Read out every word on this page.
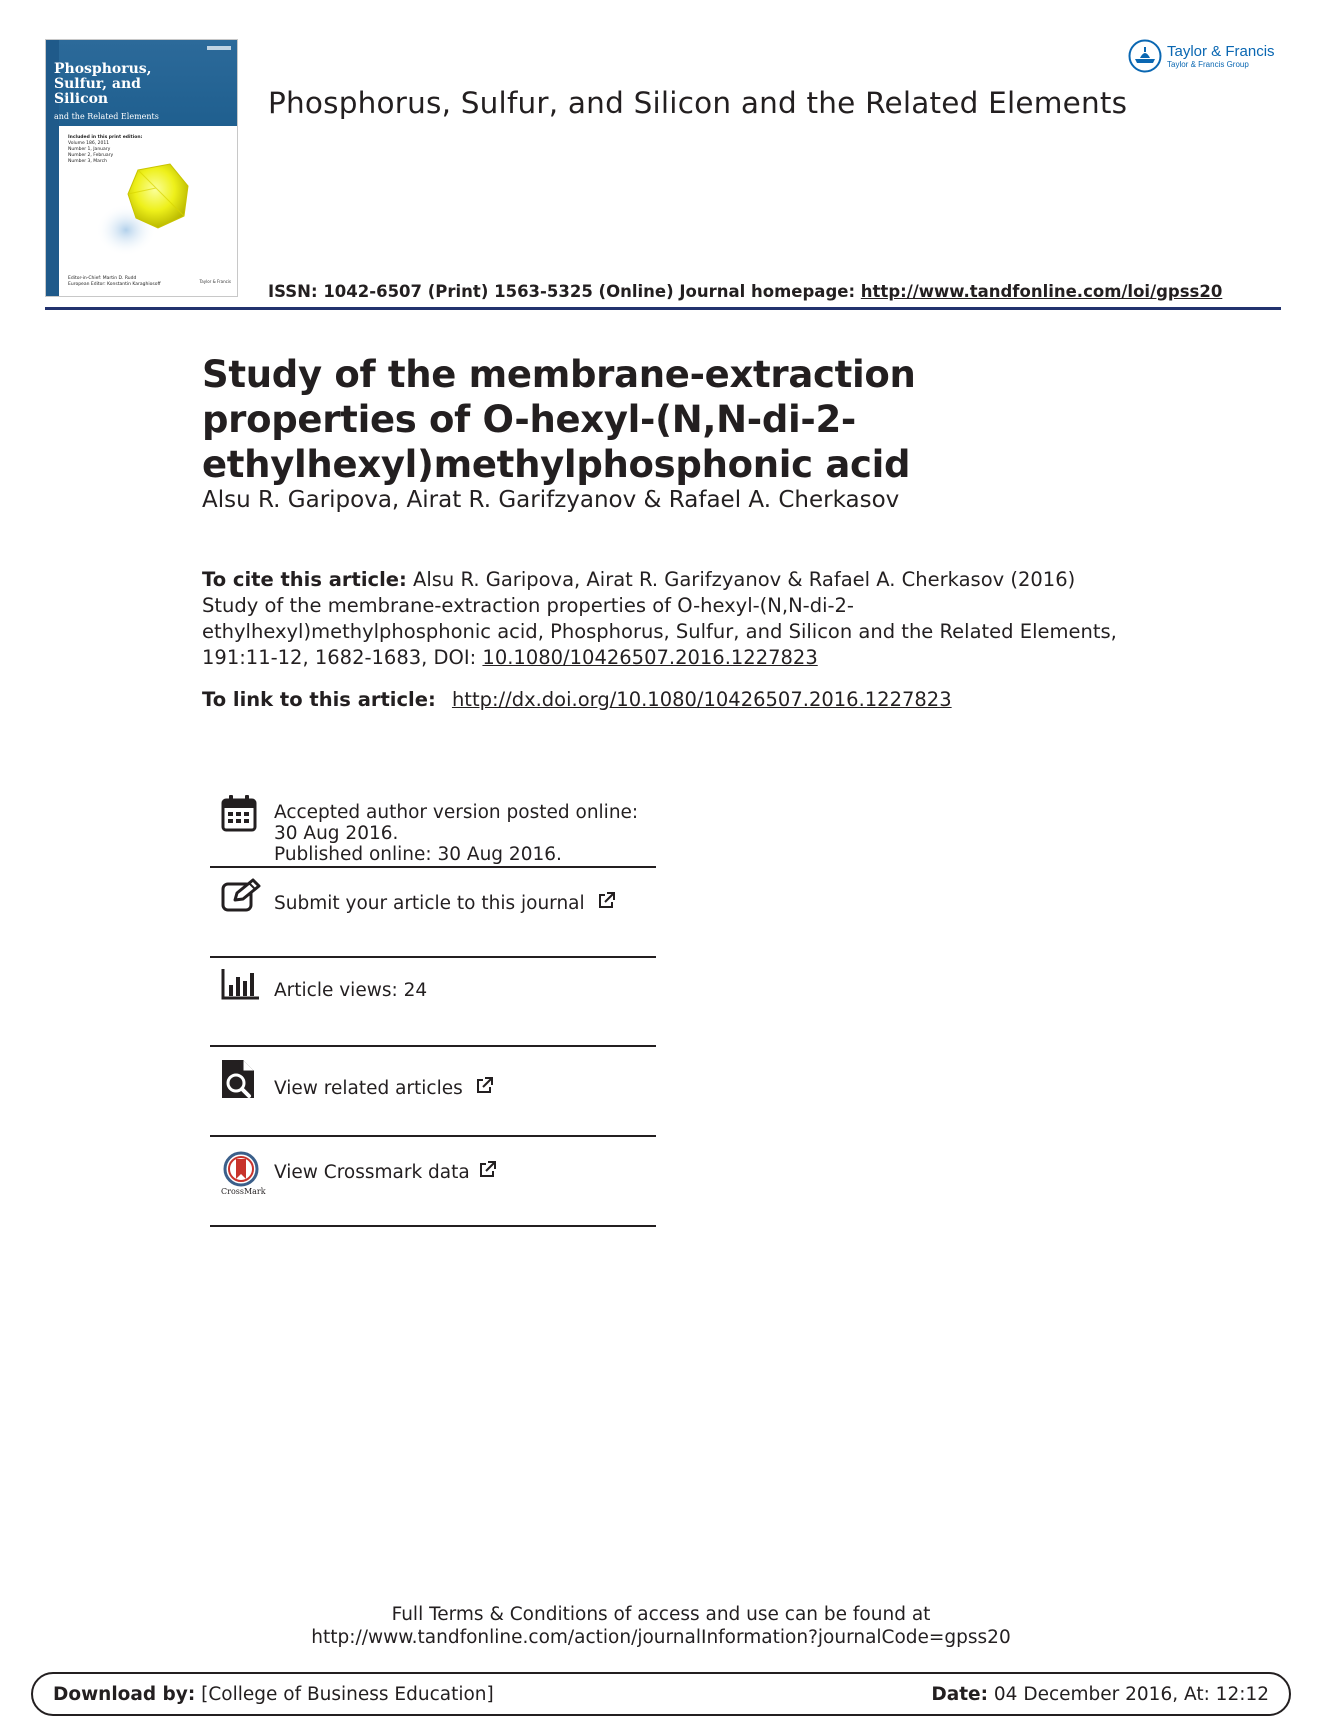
Phosphorus,
Sulfur, and
Silicon
and the Related Elements
Included in this print edition:
Volume 186, 2011
Number 1, January
Number 2, February
Number 3, March
Editor-in-Chief: Martin D. Rudd
European Editor: Konstantin Karaghiosoff
Taylor & Francis
Taylor & Francis
Taylor & Francis Group
Phosphorus, Sulfur, and Silicon and the Related Elements
ISSN: 1042-6507 (Print) 1563-5325 (Online) Journal homepage: http://www.tandfonline.com/loi/gpss20
Study of the membrane-extraction properties of O-hexyl-(N,N-di-2-ethylhexyl)methylphosphonic acid
Alsu R. Garipova, Airat R. Garifzyanov & Rafael A. Cherkasov
To cite this article: Alsu R. Garipova, Airat R. Garifzyanov & Rafael A. Cherkasov (2016) Study of the membrane-extraction properties of O-hexyl-(N,N-di-2-ethylhexyl)methylphosphonic acid, Phosphorus, Sulfur, and Silicon and the Related Elements, 191:11-12, 1682-1683, DOI: 10.1080/10426507.2016.1227823
To link to this article: http://dx.doi.org/10.1080/10426507.2016.1227823
Accepted author version posted online: 30 Aug 2016.
Published online: 30 Aug 2016.
Submit your article to this journal
Article views: 24
View related articles
CrossMark
View Crossmark data
Full Terms & Conditions of access and use can be found at
http://www.tandfonline.com/action/journalInformation?journalCode=gpss20
Download by: [College of Business Education]	Date: 04 December 2016, At: 12:12
